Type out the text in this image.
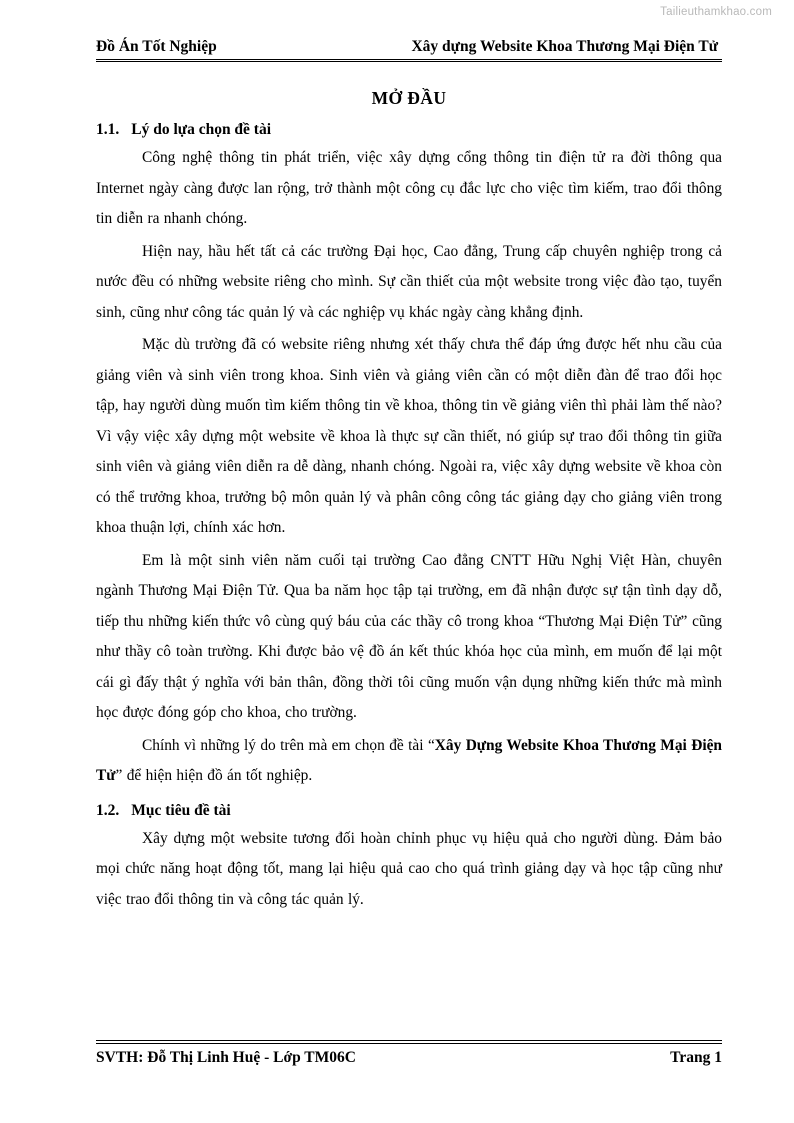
Tailieuthamkhao.com
Đồ Án Tốt Nghiệp	Xây dựng Website Khoa Thương Mại Điện Tử
MỞ ĐẦU
1.1. Lý do lựa chọn đề tài

Công nghệ thông tin phát triển, việc xây dựng cổng thông tin điện tử ra đời thông qua Internet ngày càng được lan rộng, trở thành một công cụ đắc lực cho việc tìm kiếm, trao đổi thông tin diễn ra nhanh chóng.

Hiện nay, hầu hết tất cả các trường Đại học, Cao đẳng, Trung cấp chuyên nghiệp trong cả nước đều có những website riêng cho mình. Sự cần thiết của một website trong việc đào tạo, tuyển sinh, cũng như công tác quản lý và các nghiệp vụ khác ngày càng khẳng định.

Mặc dù trường đã có website riêng nhưng xét thấy chưa thể đáp ứng được hết nhu cầu của giảng viên và sinh viên trong khoa. Sinh viên và giảng viên cần có một diễn đàn để trao đổi học tập, hay người dùng muốn tìm kiếm thông tin về khoa, thông tin về giảng viên thì phải làm thế nào? Vì vậy việc xây dựng một website về khoa là thực sự cần thiết, nó giúp sự trao đổi thông tin giữa sinh viên và giảng viên diễn ra dễ dàng, nhanh chóng. Ngoài ra, việc xây dựng website về khoa còn có thể trưởng khoa, trưởng bộ môn quản lý và phân công công tác giảng dạy cho giảng viên trong khoa thuận lợi, chính xác hơn.

Em là một sinh viên năm cuối tại trường Cao đẳng CNTT Hữu Nghị Việt Hàn, chuyên ngành Thương Mại Điện Tử. Qua ba năm học tập tại trường, em đã nhận được sự tận tình dạy dỗ, tiếp thu những kiến thức vô cùng quý báu của các thầy cô trong khoa “Thương Mại Điện Tử” cũng như thầy cô toàn trường. Khi được bảo vệ đồ án kết thúc khóa học của mình, em muốn để lại một cái gì đấy thật ý nghĩa với bản thân, đồng thời tôi cũng muốn vận dụng những kiến thức mà mình học được đóng góp cho khoa, cho trường.

Chính vì những lý do trên mà em chọn đề tài “Xây Dựng Website Khoa Thương Mại Điện Tử” để hiện hiện đồ án tốt nghiệp.

1.2. Mục tiêu đề tài

Xây dựng một website tương đối hoàn chỉnh phục vụ hiệu quả cho người dùng. Đảm bảo mọi chức năng hoạt động tốt, mang lại hiệu quả cao cho quá trình giảng dạy và học tập cũng như việc trao đổi thông tin và công tác quản lý.

SVTH: Đỗ Thị Linh Huệ - Lớp TM06C	Trang 1
